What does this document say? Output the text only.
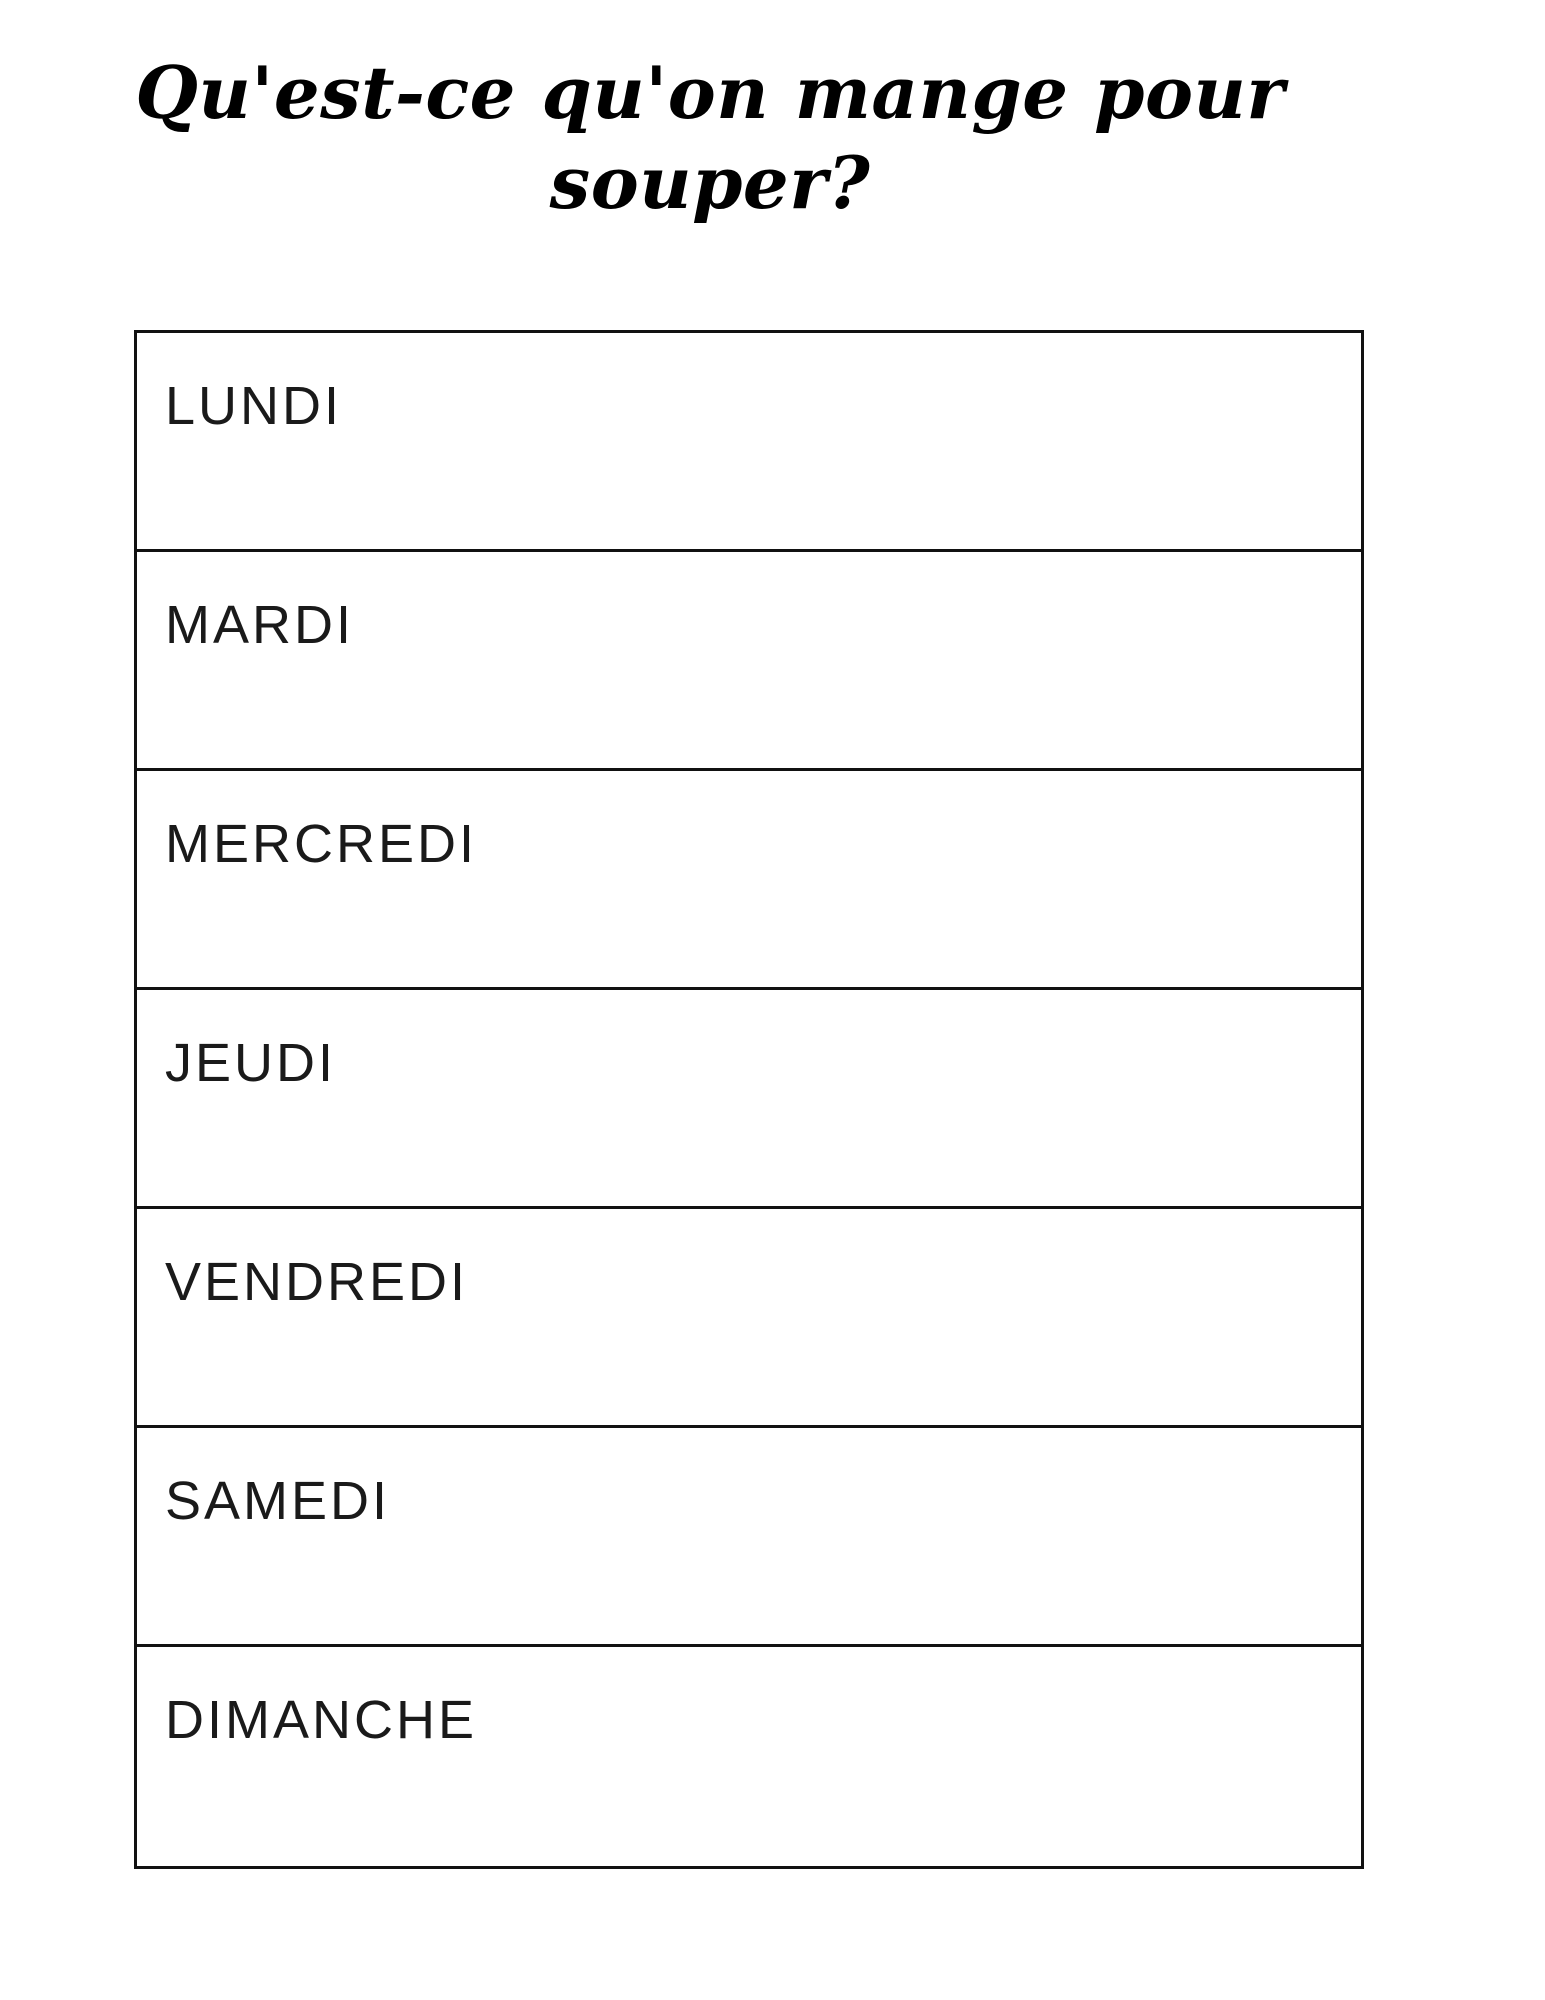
Qu'est-ce qu'on mange pour souper?
LUNDI
MARDI
MERCREDI
JEUDI
VENDREDI
SAMEDI
DIMANCHE
